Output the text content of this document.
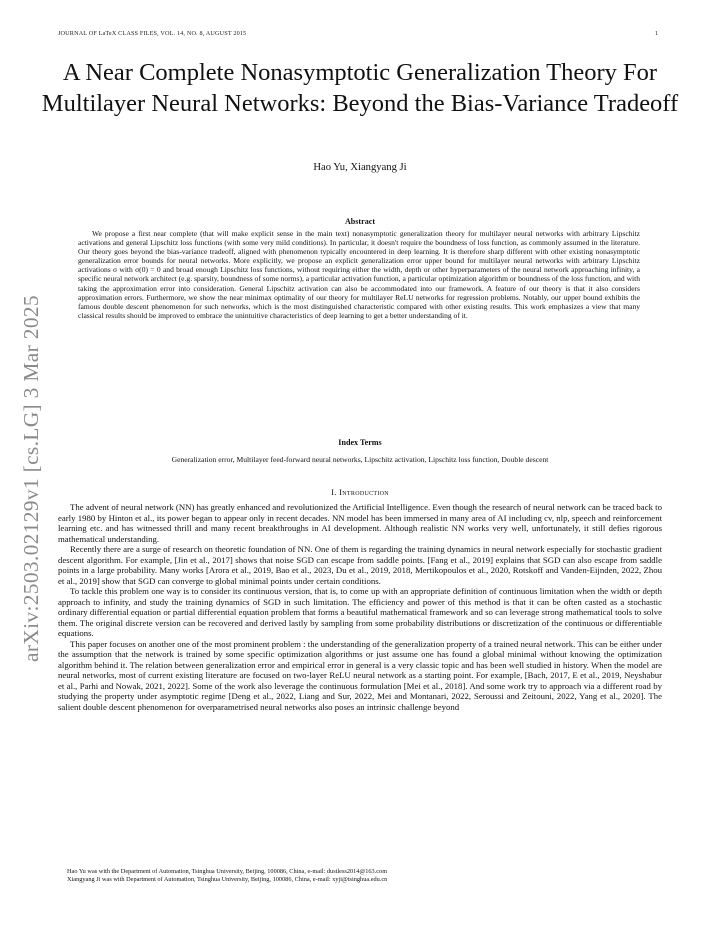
JOURNAL OF LaTeX CLASS FILES, VOL. 14, NO. 8, AUGUST 2015	1
arXiv:2503.02129v1 [cs.LG] 3 Mar 2025
A Near Complete Nonasymptotic Generalization Theory For Multilayer Neural Networks: Beyond the Bias-Variance Tradeoff
Hao Yu, Xiangyang Ji
Abstract
We propose a first near complete (that will make explicit sense in the main text) nonasymptotic generalization theory for multilayer neural networks with arbitrary Lipschitz activations and general Lipschitz loss functions (with some very mild conditions). In particular, it doesn't require the boundness of loss function, as commonly assumed in the literature. Our theory goes beyond the bias-variance tradeoff, aligned with phenomenon typically encountered in deep learning. It is therefore sharp different with other existing nonasymptotic generalization error bounds for neural networks. More explicitly, we propose an explicit generalization error upper bound for multilayer neural networks with arbitrary Lipschitz activations σ with σ(0) = 0 and broad enough Lipschitz loss functions, without requiring either the width, depth or other hyperparameters of the neural network approaching infinity, a specific neural network architect (e.g. sparsity, boundness of some norms), a particular activation function, a particular optimization algorithm or boundness of the loss function, and with taking the approximation error into consideration. General Lipschitz activation can also be accommodated into our framework. A feature of our theory is that it also considers approximation errors. Furthermore, we show the near minimax optimality of our theory for multilayer ReLU networks for regression problems. Notably, our upper bound exhibits the famous double descent phenomenon for such networks, which is the most distinguished characteristic compared with other existing results. This work emphasizes a view that many classical results should be improved to embrace the unintuitive characteristics of deep learning to get a better understanding of it.
Index Terms
Generalization error, Multilayer feed-forward neural networks, Lipschitz activation, Lipschitz loss function, Double descent
I. Introduction

The advent of neural network (NN) has greatly enhanced and revolutionized the Artificial Intelligence. Even though the research of neural network can be traced back to early 1980 by Hinton et al., its power began to appear only in recent decades. NN model has been immersed in many area of AI including cv, nlp, speech and reinforcement learning etc. and has witnessed thrill and many recent breakthroughs in AI development. Although realistic NN works very well, unfortunately, it still defies rigorous mathematical understanding.

Recently there are a surge of research on theoretic foundation of NN. One of them is regarding the training dynamics in neural network especially for stochastic gradient descent algorithm. For example, [Jin et al., 2017] shows that noise SGD can escape from saddle points. [Fang et al., 2019] explains that SGD can also escape from saddle points in a large probability. Many works [Arora et al., 2019, Bao et al., 2023, Du et al., 2019, 2018, Mertikopoulos et al., 2020, Rotskoff and Vanden-Eijnden, 2022, Zhou et al., 2019] show that SGD can converge to global minimal points under certain conditions.

To tackle this problem one way is to consider its continuous version, that is, to come up with an appropriate definition of continuous limitation when the width or depth approach to infinity, and study the training dynamics of SGD in such limitation. The efficiency and power of this method is that it can be often casted as a stochastic ordinary differential equation or partial differential equation problem that forms a beautiful mathematical framework and so can leverage strong mathematical tools to solve them. The original discrete version can be recovered and derived lastly by sampling from some probability distributions or discretization of the continuous or differentiable equations.

This paper focuses on another one of the most prominent problem : the understanding of the generalization property of a trained neural network. This can be either under the assumption that the network is trained by some specific optimization algorithms or just assume one has found a global minimal without knowing the optimization algorithm behind it. The relation between generalization error and empirical error in general is a very classic topic and has been well studied in history. When the model are neural networks, most of current existing literature are focused on two-layer ReLU neural network as a starting point. For example, [Bach, 2017, E et al., 2019, Neyshabur et al., Parhi and Nowak, 2021, 2022]. Some of the work also leverage the continuous formulation [Mei et al., 2018]. And some work try to approach via a different road by studying the property under asymptotic regime [Deng et al., 2022, Liang and Sur, 2022, Mei and Montanari, 2022, Seroussi and Zeitouni, 2022, Yang et al., 2020]. The salient double descent phenomenon for overparametrised neural networks also poses an intrinsic challenge beyond

Hao Yu was with the Department of Automation, Tsinghua University, Beijing, 100086, China, e-mail: dustless2014@163.com
Xiangyang Ji was with Department of Automation, Tsinghua University, Beijing, 100086, China, e-mail: xyji@tsinghua.edu.cn
